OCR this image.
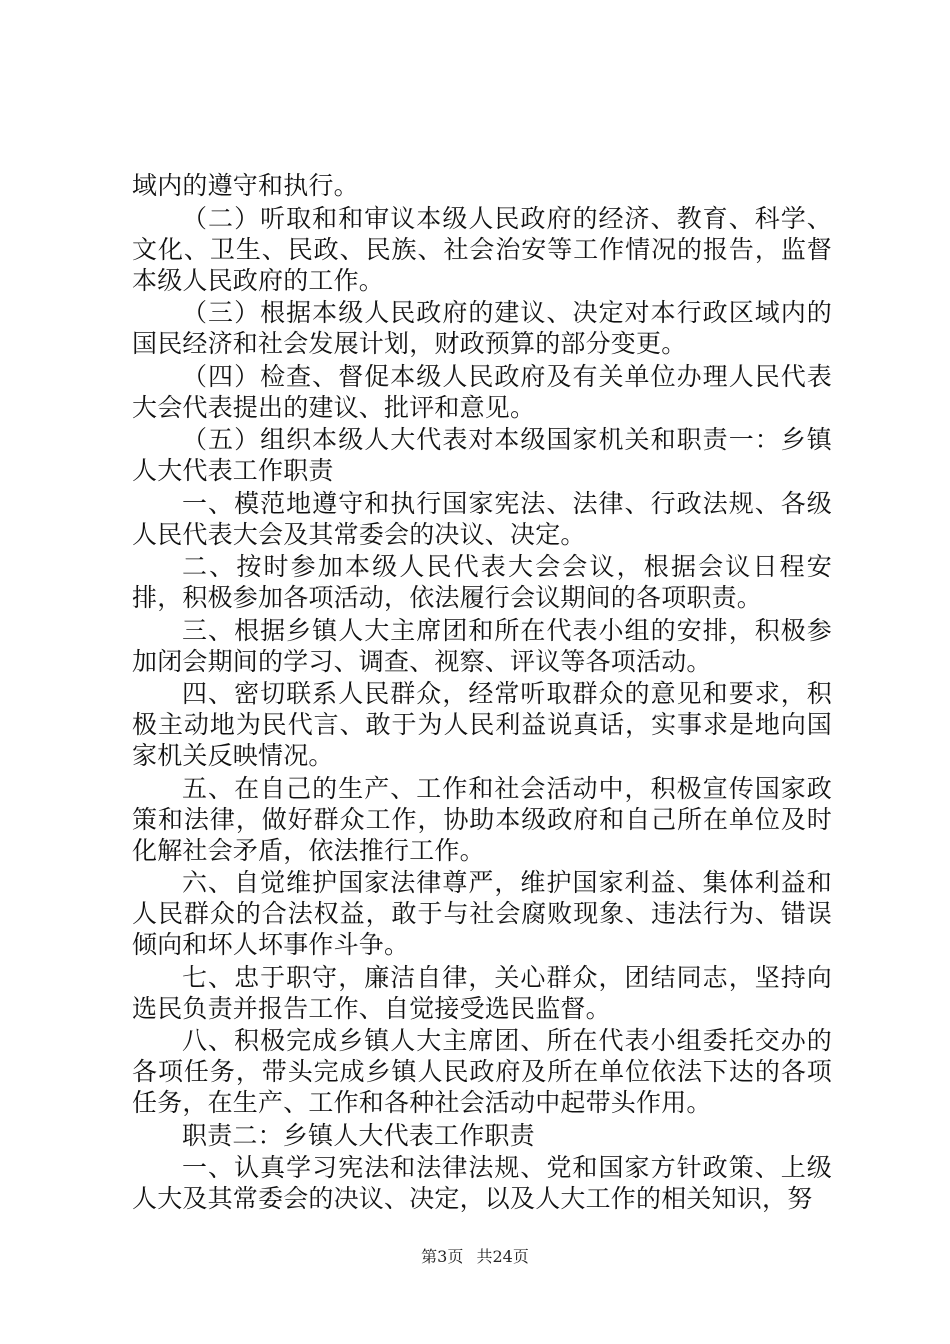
域内的遵守和执行。

（二）听取和和审议本级人民政府的经济、教育、科学、文化、卫生、民政、民族、社会治安等工作情况的报告，监督本级人民政府的工作。

（三）根据本级人民政府的建议、决定对本行政区域内的国民经济和社会发展计划，财政预算的部分变更。

（四）检查、督促本级人民政府及有关单位办理人民代表大会代表提出的建议、批评和意见。

（五）组织本级人大代表对本级国家机关和职责一：乡镇人大代表工作职责

一、模范地遵守和执行国家宪法、法律、行政法规、各级人民代表大会及其常委会的决议、决定。

二、按时参加本级人民代表大会会议，根据会议日程安排，积极参加各项活动，依法履行会议期间的各项职责。

三、根据乡镇人大主席团和所在代表小组的安排，积极参加闭会期间的学习、调查、视察、评议等各项活动。

四、密切联系人民群众，经常听取群众的意见和要求，积极主动地为民代言、敢于为人民利益说真话，实事求是地向国家机关反映情况。

五、在自己的生产、工作和社会活动中，积极宣传国家政策和法律，做好群众工作，协助本级政府和自己所在单位及时化解社会矛盾，依法推行工作。

六、自觉维护国家法律尊严，维护国家利益、集体利益和人民群众的合法权益，敢于与社会腐败现象、违法行为、错误倾向和坏人坏事作斗争。

七、忠于职守，廉洁自律，关心群众，团结同志，坚持向选民负责并报告工作、自觉接受选民监督。

八、积极完成乡镇人大主席团、所在代表小组委托交办的各项任务，带头完成乡镇人民政府及所在单位依法下达的各项任务，在生产、工作和各种社会活动中起带头作用。

职责二：乡镇人大代表工作职责

一、认真学习宪法和法律法规、党和国家方针政策、上级人大及其常委会的决议、决定，以及人大工作的相关知识，努

第3页 共24页
